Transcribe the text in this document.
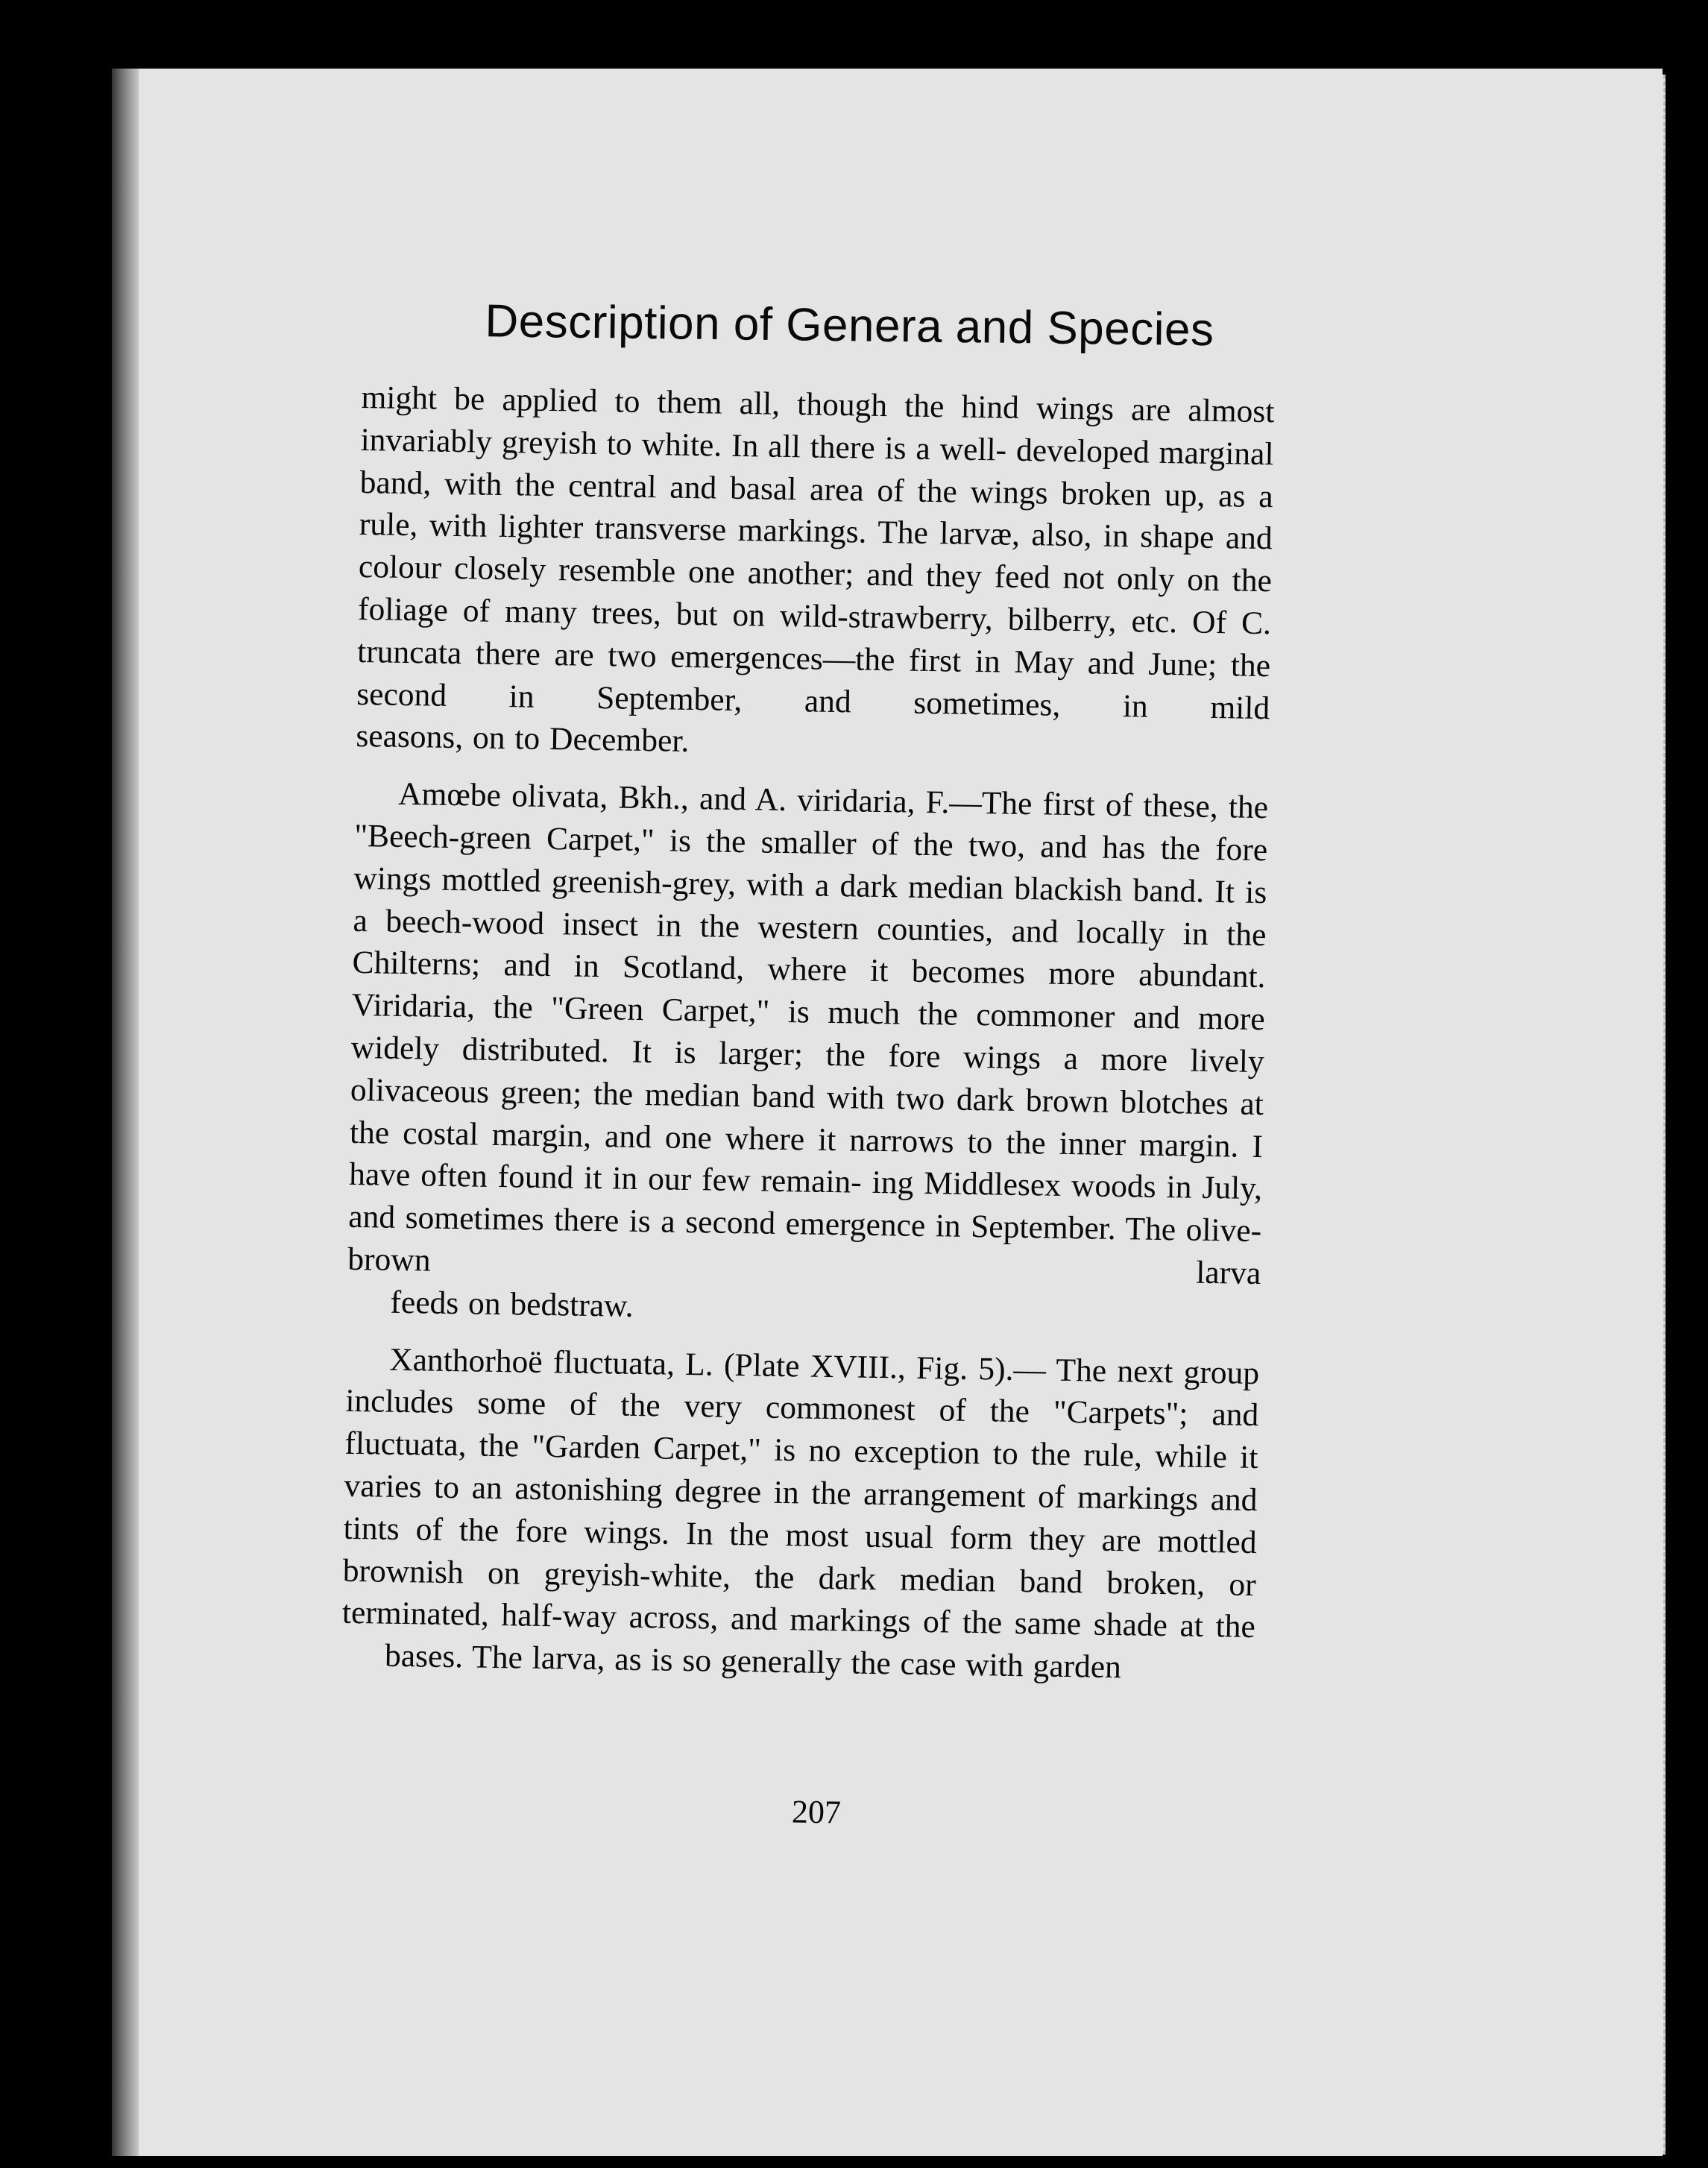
Description of Genera and Species

might be applied to them all, though the hind wings are almost invariably greyish to white. In all there is a well- developed marginal band, with the central and basal area of the wings broken up, as a rule, with lighter transverse markings. The larvæ, also, in shape and colour closely resemble one another; and they feed not only on the foliage of many trees, but on wild-strawberry, bilberry, etc. Of C. truncata there are two emergences—the first in May and June; the second in September, and sometimes, in mild
seasons, on to December.

Amœbe olivata, Bkh., and A. viridaria, F.—The first of these, the "Beech-green Carpet," is the smaller of the two, and has the fore wings mottled greenish-grey, with a dark median blackish band. It is a beech-wood insect in the western counties, and locally in the Chilterns; and in Scotland, where it becomes more abundant. Viridaria, the "Green Carpet," is much the commoner and more widely distributed. It is larger; the fore wings a more lively olivaceous green; the median band with two dark brown blotches at the costal margin, and one where it narrows to the inner margin. I have often found it in our few remain- ing Middlesex woods in July, and sometimes there is a second emergence in September. The olive-brown larva
feeds on bedstraw.

Xanthorhoë fluctuata, L. (Plate XVIII., Fig. 5).— The next group includes some of the very commonest of the "Carpets"; and fluctuata, the "Garden Carpet," is no exception to the rule, while it varies to an astonishing degree in the arrangement of markings and tints of the fore wings. In the most usual form they are mottled brownish on greyish-white, the dark median band broken, or terminated, half-way across, and markings of the same shade at the
bases. The larva, as is so generally the case with garden

207
